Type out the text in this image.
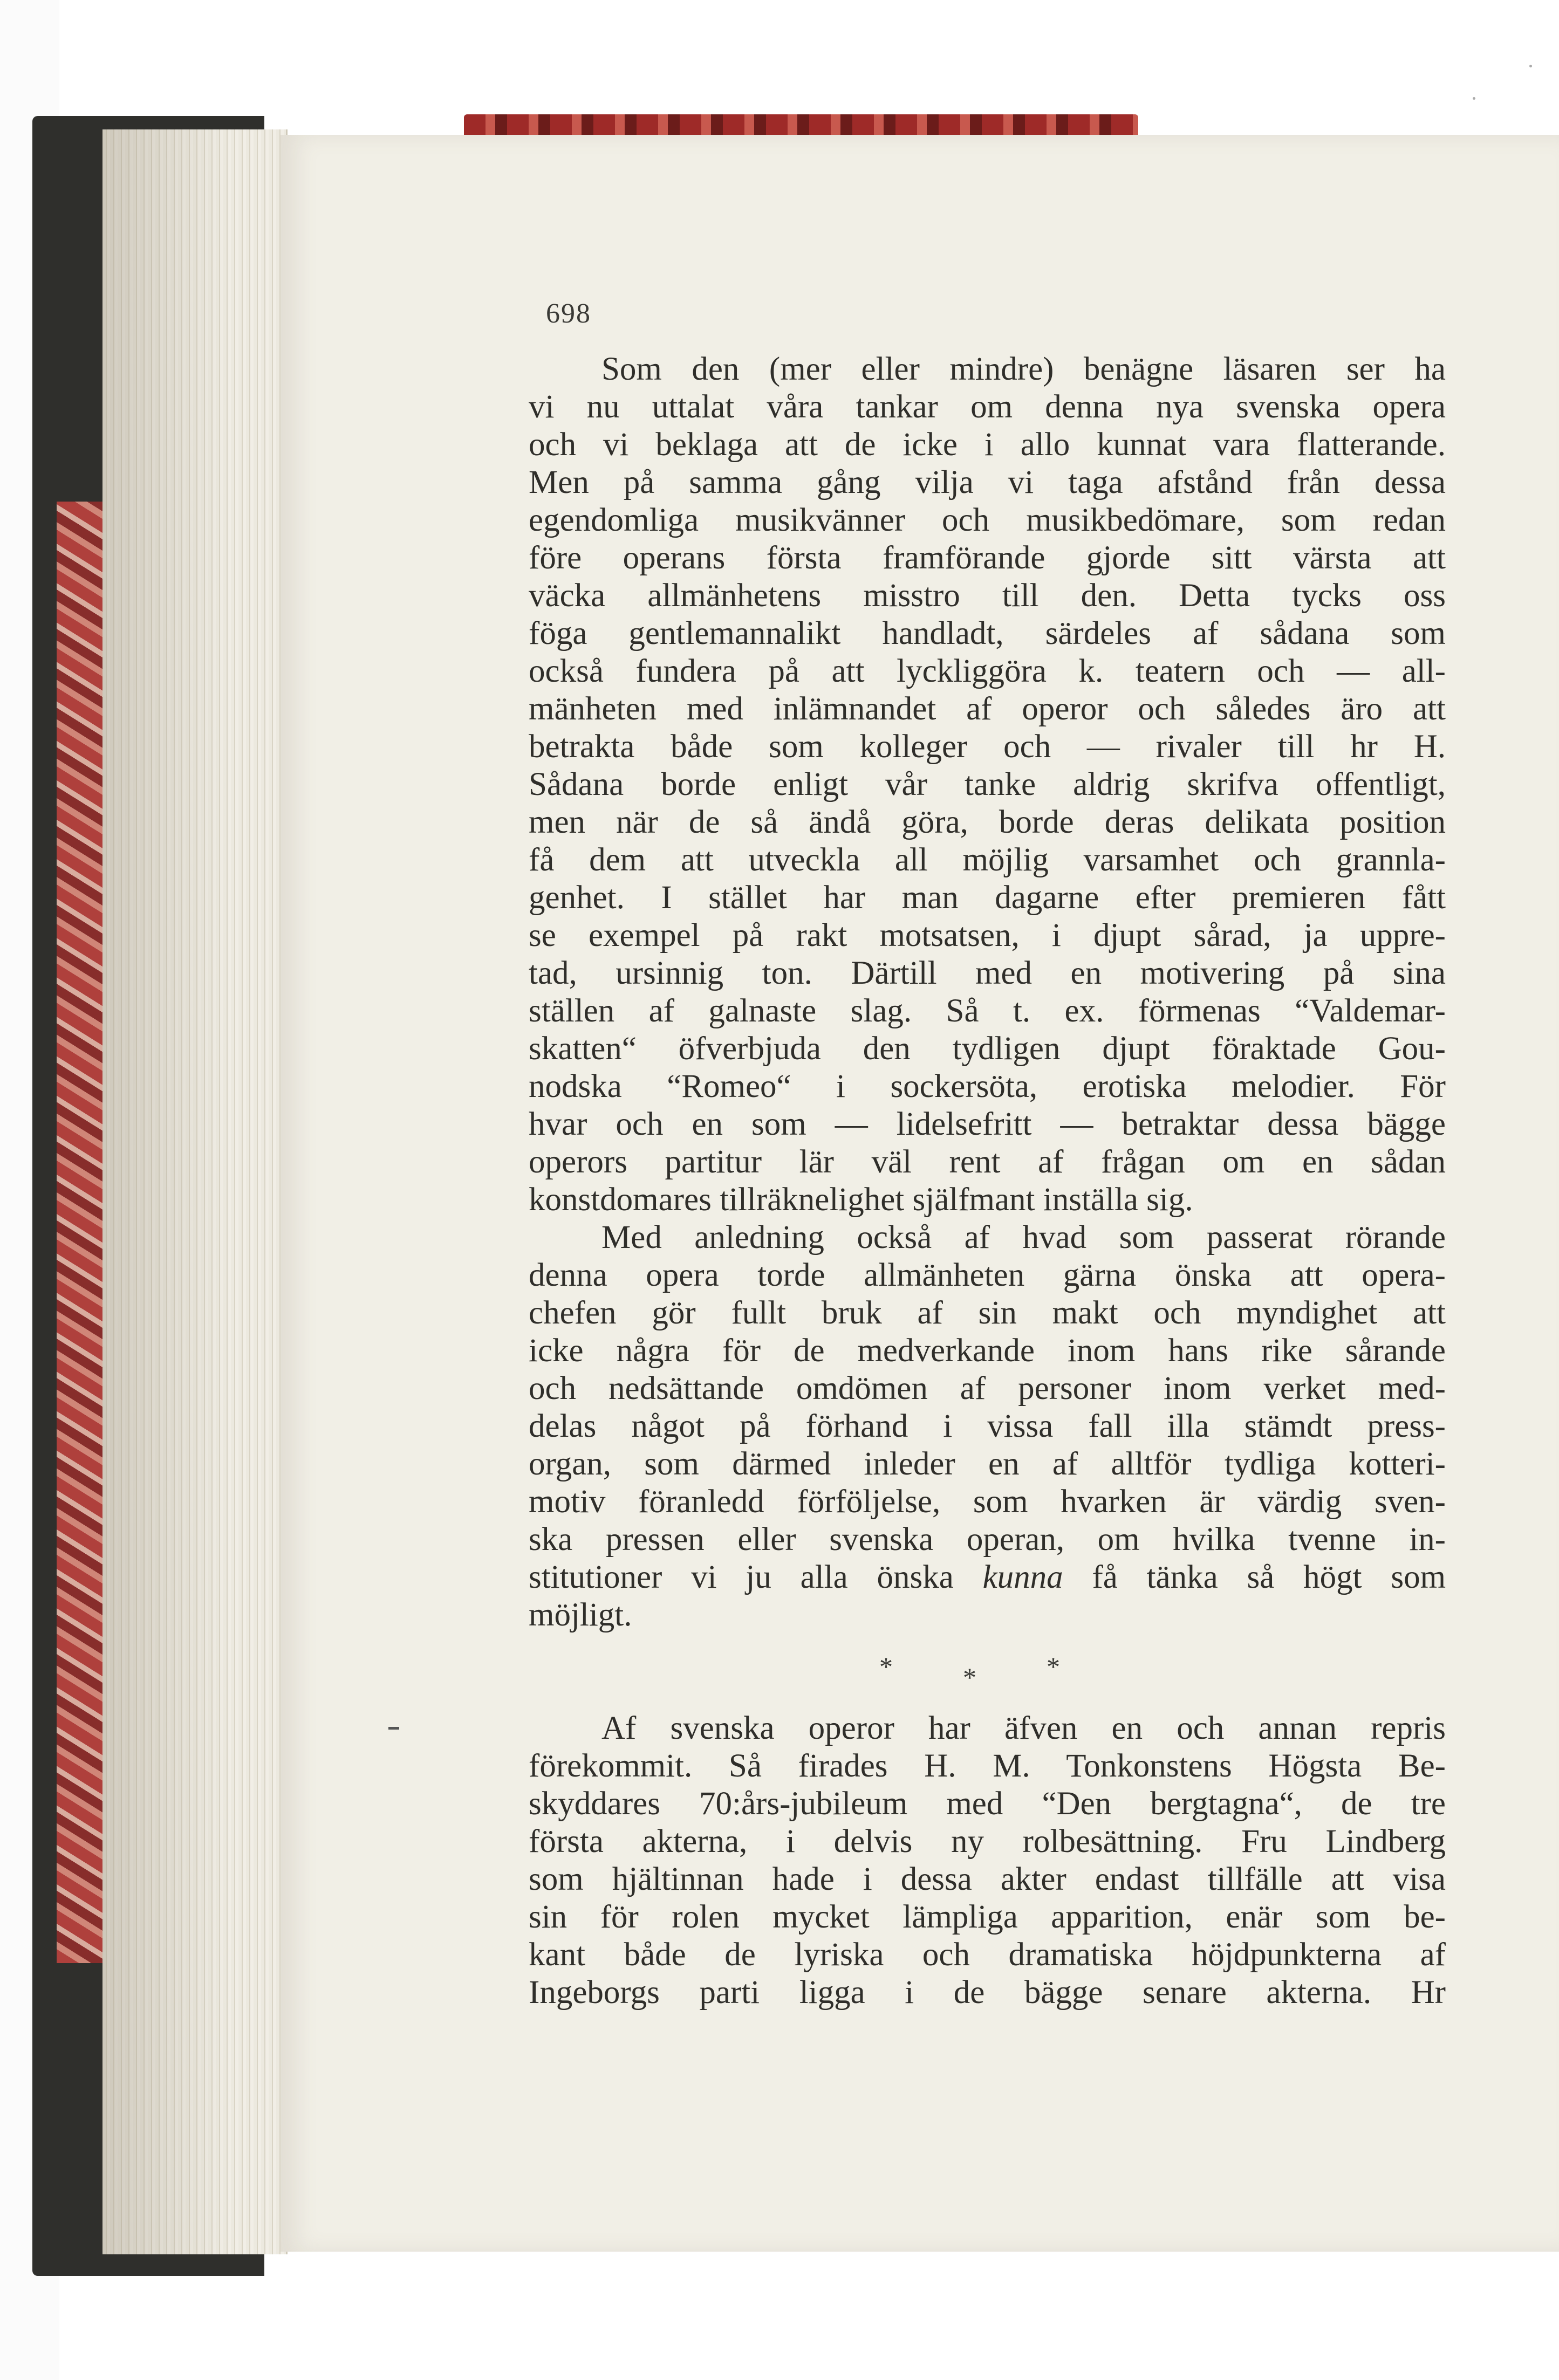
698
Som den (mer eller mindre) benägne läsaren ser ha
vi nu uttalat våra tankar om denna nya svenska opera
och vi beklaga att de icke i allo kunnat vara flatterande.
Men på samma gång vilja vi taga afstånd från dessa
egendomliga musikvänner och musikbedömare, som redan
före operans första framförande gjorde sitt värsta att
väcka allmänhetens misstro till den. Detta tycks oss
föga gentlemannalikt handladt, särdeles af sådana som
också fundera på att lyckliggöra k. teatern och — all-
mänheten med inlämnandet af operor och således äro att
betrakta både som kolleger och — rivaler till hr H.
Sådana borde enligt vår tanke aldrig skrifva offentligt,
men när de så ändå göra, borde deras delikata position
få dem att utveckla all möjlig varsamhet och grannla-
genhet. I stället har man dagarne efter premieren fått
se exempel på rakt motsatsen, i djupt sårad, ja uppre-
tad, ursinnig ton. Därtill med en motivering på sina
ställen af galnaste slag. Så t. ex. förmenas “Valdemar-
skatten“ öfverbjuda den tydligen djupt föraktade Gou-
nodska “Romeo“ i sockersöta, erotiska melodier. För
hvar och en som — lidelsefritt — betraktar dessa bägge
operors partitur lär väl rent af frågan om en sådan
konstdomares tillräknelighet själfmant inställa sig.
Med anledning också af hvad som passerat rörande
denna opera torde allmänheten gärna önska att opera-
chefen gör fullt bruk af sin makt och myndighet att
icke några för de medverkande inom hans rike sårande
och nedsättande omdömen af personer inom verket med-
delas något på förhand i vissa fall illa stämdt press-
organ, som därmed inleder en af alltför tydliga kotteri-
motiv föranledd förföljelse, som hvarken är värdig sven-
ska pressen eller svenska operan, om hvilka tvenne in-
stitutioner vi ju alla önska kunna få tänka så högt som
möjligt.
*	*	*
Af svenska operor har äfven en och annan repris
förekommit. Så firades H. M. Tonkonstens Högsta Be-
skyddares 70:års-jubileum med “Den bergtagna“, de tre
första akterna, i delvis ny rolbesättning. Fru Lindberg
som hjältinnan hade i dessa akter endast tillfälle att visa
sin för rolen mycket lämpliga apparition, enär som be-
kant både de lyriska och dramatiska höjdpunkterna af
Ingeborgs parti ligga i de bägge senare akterna. Hr
